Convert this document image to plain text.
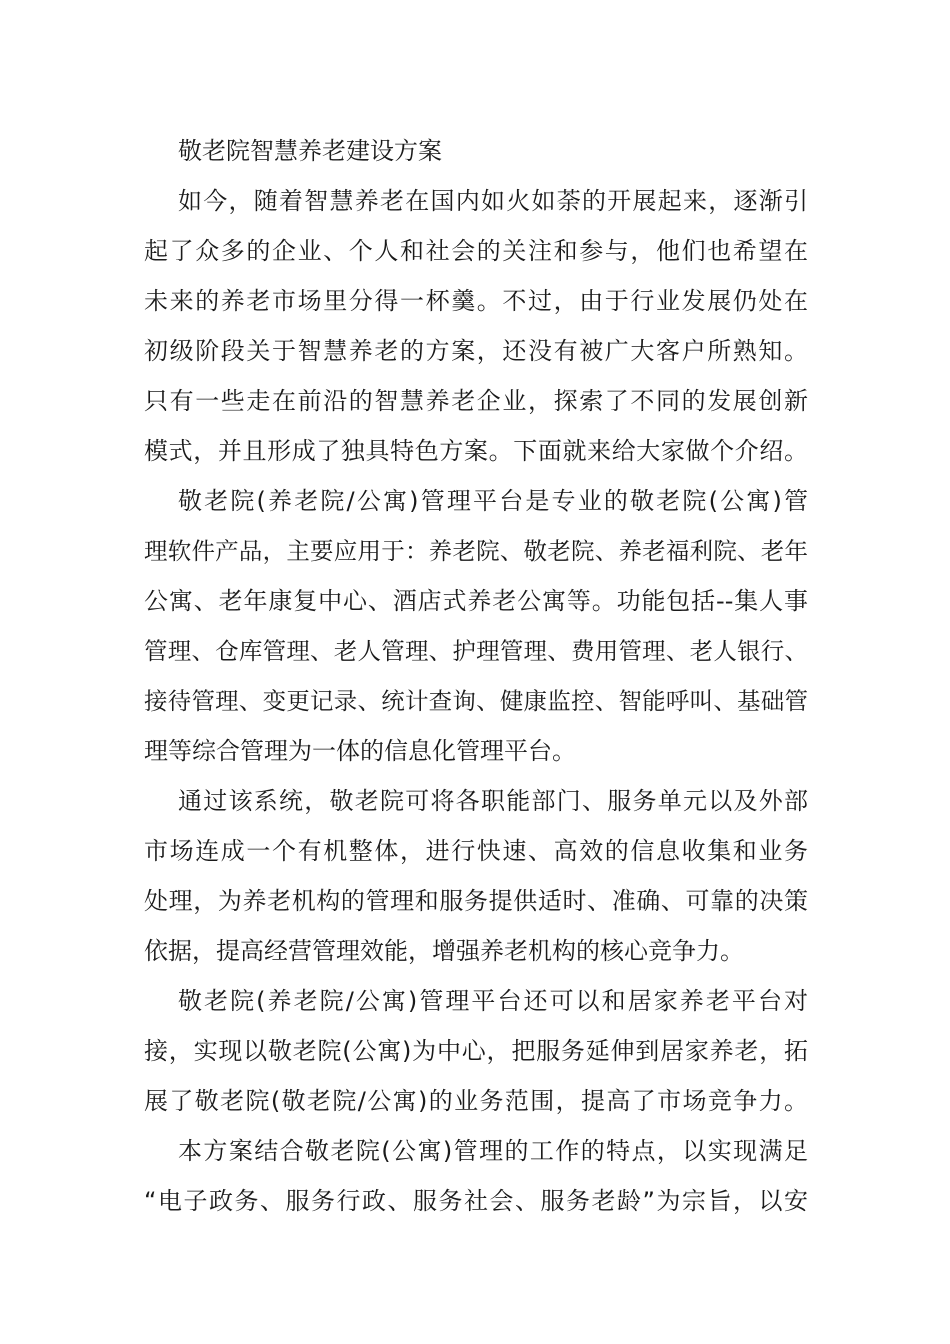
敬老院智慧养老建设方案

如今，随着智慧养老在国内如火如荼的开展起来，逐渐引

起了众多的企业、个人和社会的关注和参与，他们也希望在

未来的养老市场里分得一杯羹。不过，由于行业发展仍处在

初级阶段关于智慧养老的方案，还没有被广大客户所熟知。

只有一些走在前沿的智慧养老企业，探索了不同的发展创新

模式，并且形成了独具特色方案。下面就来给大家做个介绍。

敬老院(养老院/公寓)管理平台是专业的敬老院(公寓)管

理软件产品，主要应用于：养老院、敬老院、养老福利院、老年

公寓、老年康复中心、酒店式养老公寓等。功能包括--集人事

管理、仓库管理、老人管理、护理管理、费用管理、老人银行、

接待管理、变更记录、统计查询、健康监控、智能呼叫、基础管

理等综合管理为一体的信息化管理平台。

通过该系统，敬老院可将各职能部门、服务单元以及外部

市场连成一个有机整体，进行快速、高效的信息收集和业务

处理，为养老机构的管理和服务提供适时、准确、可靠的决策

依据，提高经营管理效能，增强养老机构的核心竞争力。

敬老院(养老院/公寓)管理平台还可以和居家养老平台对

接，实现以敬老院(公寓)为中心，把服务延伸到居家养老，拓

展了敬老院(敬老院/公寓)的业务范围，提高了市场竞争力。

本方案结合敬老院(公寓)管理的工作的特点，以实现满足

“电子政务、服务行政、服务社会、服务老龄”为宗旨，以安
